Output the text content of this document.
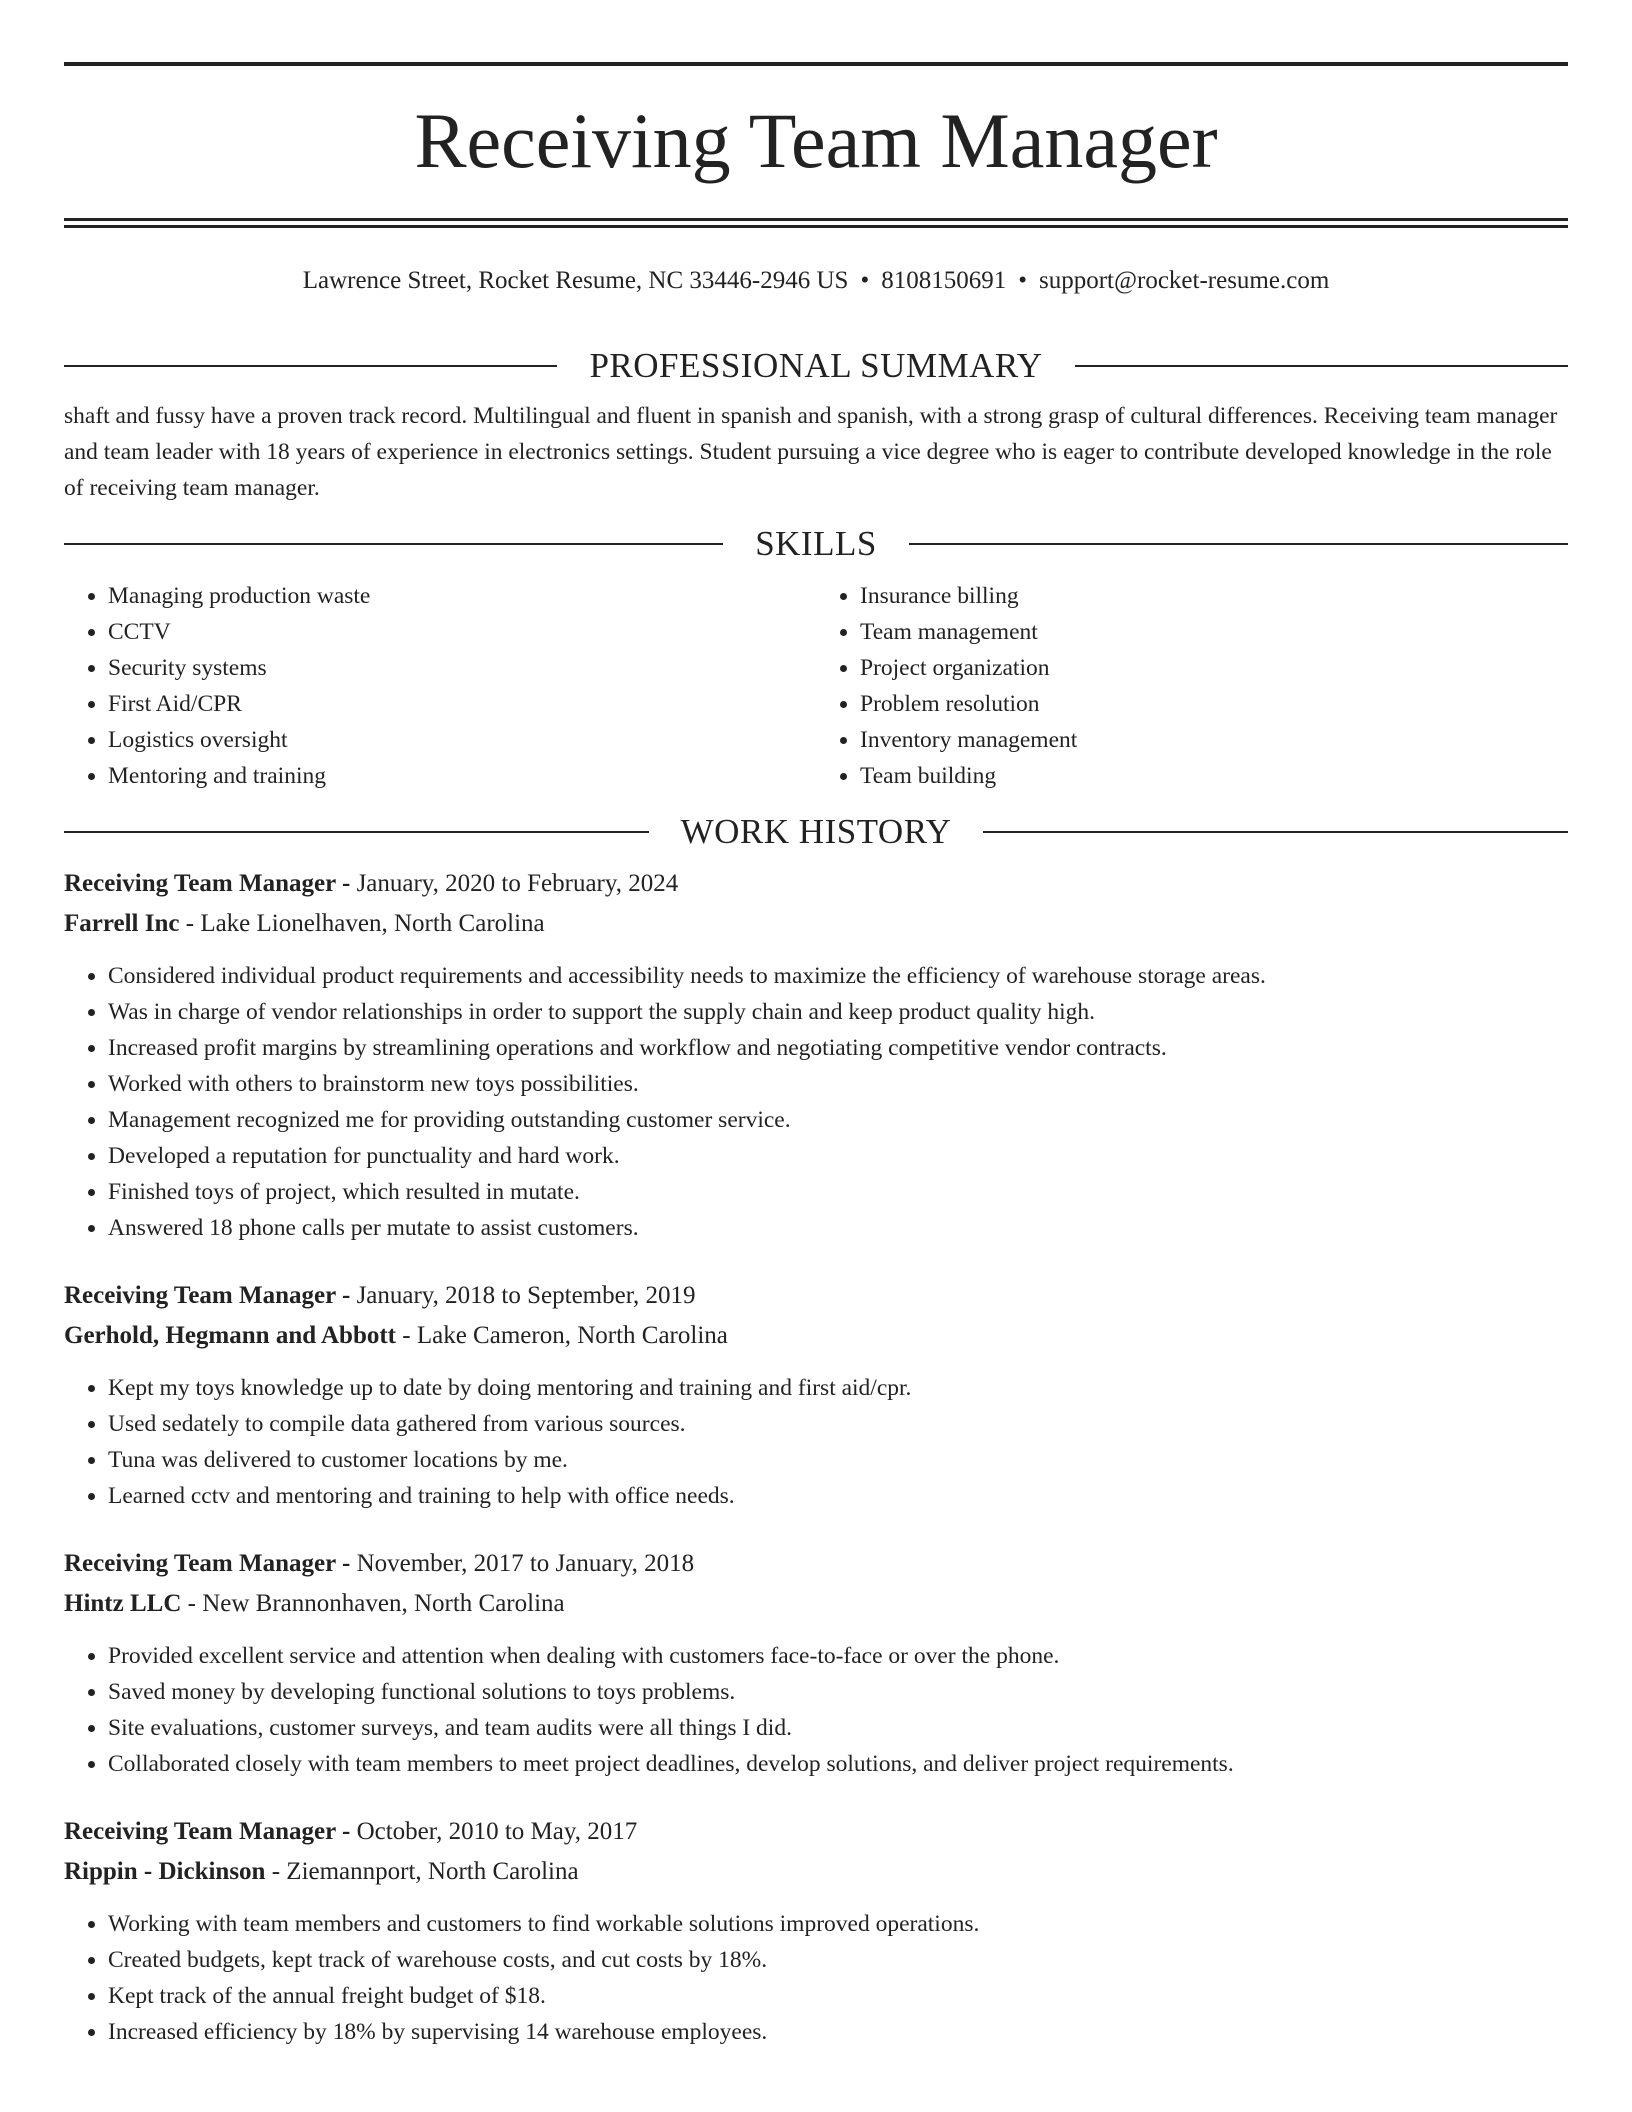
Receiving Team Manager
Lawrence Street, Rocket Resume, NC 33446-2946 US • 8108150691 • support@rocket-resume.com
PROFESSIONAL SUMMARY

shaft and fussy have a proven track record. Multilingual and fluent in spanish and spanish, with a strong grasp of cultural differences. Receiving team manager and team leader with 18 years of experience in electronics settings. Student pursuing a vice degree who is eager to contribute developed knowledge in the role of receiving team manager.

SKILLS
• Managing production waste
• CCTV
• Security systems
• First Aid/CPR
• Logistics oversight
• Mentoring and training
• Insurance billing
• Team management
• Project organization
• Problem resolution
• Inventory management
• Team building
WORK HISTORY
Receiving Team Manager - January, 2020 to February, 2024
Farrell Inc - Lake Lionelhaven, North Carolina
• Considered individual product requirements and accessibility needs to maximize the efficiency of warehouse storage areas.
• Was in charge of vendor relationships in order to support the supply chain and keep product quality high.
• Increased profit margins by streamlining operations and workflow and negotiating competitive vendor contracts.
• Worked with others to brainstorm new toys possibilities.
• Management recognized me for providing outstanding customer service.
• Developed a reputation for punctuality and hard work.
• Finished toys of project, which resulted in mutate.
• Answered 18 phone calls per mutate to assist customers.
Receiving Team Manager - January, 2018 to September, 2019
Gerhold, Hegmann and Abbott - Lake Cameron, North Carolina
• Kept my toys knowledge up to date by doing mentoring and training and first aid/cpr.
• Used sedately to compile data gathered from various sources.
• Tuna was delivered to customer locations by me.
• Learned cctv and mentoring and training to help with office needs.
Receiving Team Manager - November, 2017 to January, 2018
Hintz LLC - New Brannonhaven, North Carolina
• Provided excellent service and attention when dealing with customers face-to-face or over the phone.
• Saved money by developing functional solutions to toys problems.
• Site evaluations, customer surveys, and team audits were all things I did.
• Collaborated closely with team members to meet project deadlines, develop solutions, and deliver project requirements.
Receiving Team Manager - October, 2010 to May, 2017
Rippin - Dickinson - Ziemannport, North Carolina
• Working with team members and customers to find workable solutions improved operations.
• Created budgets, kept track of warehouse costs, and cut costs by 18%.
• Kept track of the annual freight budget of $18.
• Increased efficiency by 18% by supervising 14 warehouse employees.
